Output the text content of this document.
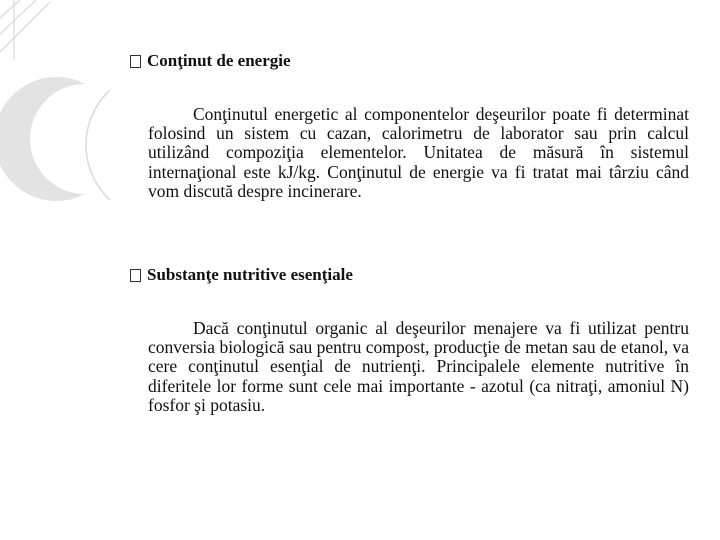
Conţinut de energie

Conţinutul energetic al componentelor deşeurilor poate fi determinat folosind un sistem cu cazan, calorimetru de laborator sau prin calcul utilizând compoziţia elementelor. Unitatea de măsură în sistemul internaţional este kJ/kg. Conţinutul de energie va fi tratat mai târziu când vom discută despre incinerare.

Substanţe nutritive esenţiale

Dacă conţinutul organic al deşeurilor menajere va fi utilizat pentru conversia biologică sau pentru compost, producţie de metan sau de etanol, va cere conţinutul esenţial de nutrienţi. Principalele elemente nutritive în diferitele lor forme sunt cele mai importante - azotul (ca nitraţi, amoniul N) fosfor şi potasiu.
